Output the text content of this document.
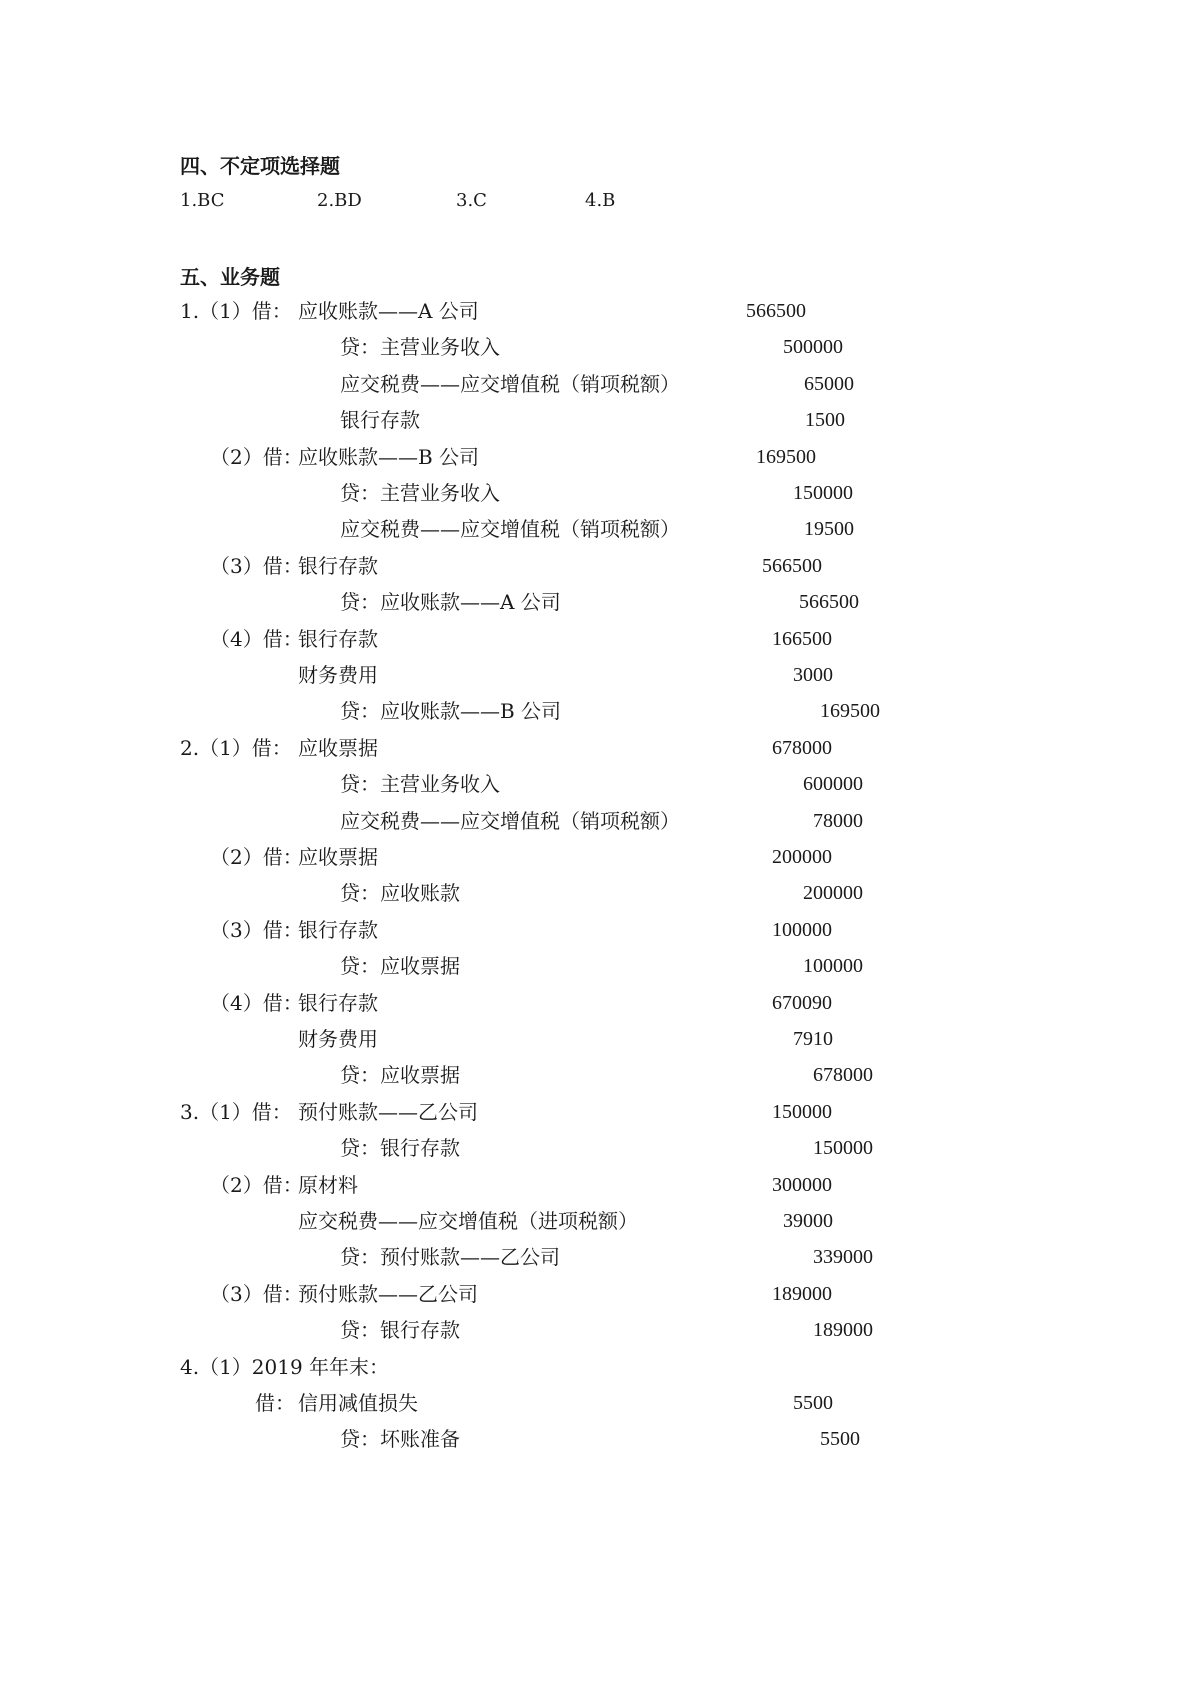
四、不定项选择题
1.BC	2.BD	3.C	4.B
五、业务题
1.（1）借： 应收账款——A 公司	566500
贷：主营业务收入	500000
应交税费——应交增值税（销项税额）	65000
银行存款	1500
（2）借：
应收账款——B 公司	169500
贷：主营业务收入	150000
应交税费——应交增值税（销项税额）	19500
（3）借：
银行存款	566500
贷：应收账款——A 公司	566500
（4）借：
银行存款	166500
财务费用	3000
贷：应收账款——B 公司	169500
2.（1）借： 应收票据	678000
贷：主营业务收入	600000
应交税费——应交增值税（销项税额）	78000
（2）借：
应收票据	200000
贷：应收账款	200000
（3）借：
银行存款	100000
贷：应收票据	100000
（4）借：
银行存款	670090
财务费用	7910
贷：应收票据	678000
3.（1）借： 预付账款——乙公司	150000
贷：银行存款	150000
（2）借：
原材料	300000
应交税费——应交增值税（进项税额）	39000
贷：预付账款——乙公司	339000
（3）借：
预付账款——乙公司	189000
贷：银行存款	189000
4.（1）2019 年年末：
借： 信用减值损失	5500
贷：坏账准备	5500
